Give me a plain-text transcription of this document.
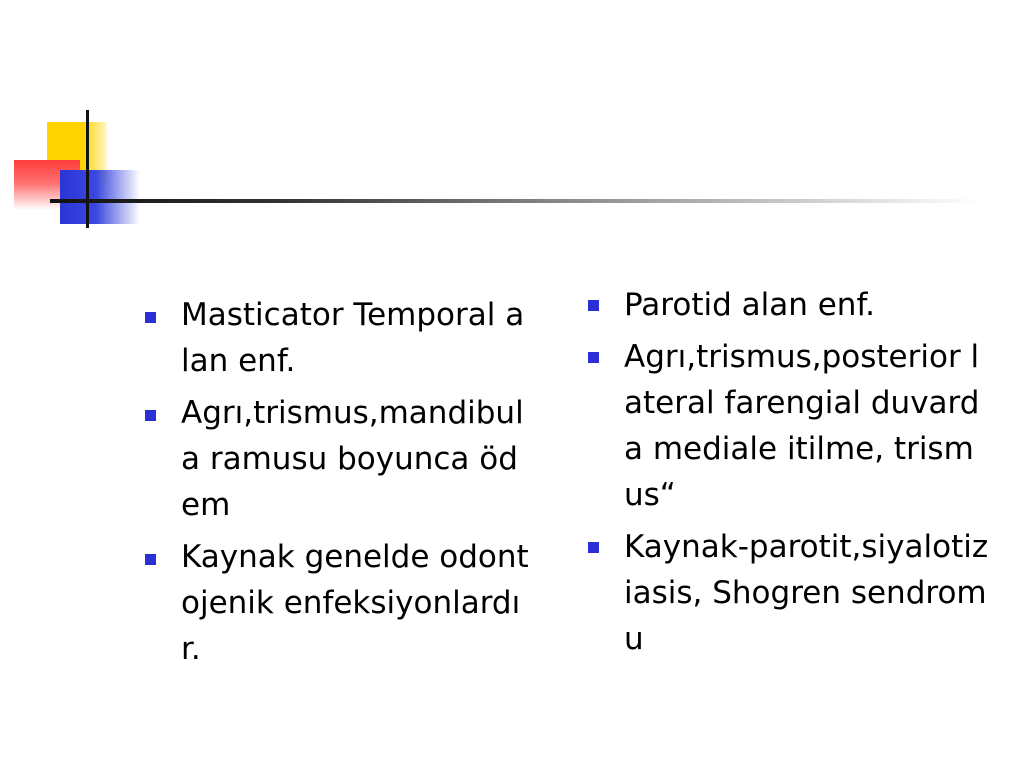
Masticator Temporal alan enf.
Agrı,trismus,mandibula ramusu boyunca ödem
Kaynak genelde odontojenik enfeksiyonlardır.
Parotid alan enf.
Agrı,trismus,posterior lateral farengial duvarda mediale itilme, trismus“
Kaynak-parotit,siyalotiziasis, Shogren sendromu
